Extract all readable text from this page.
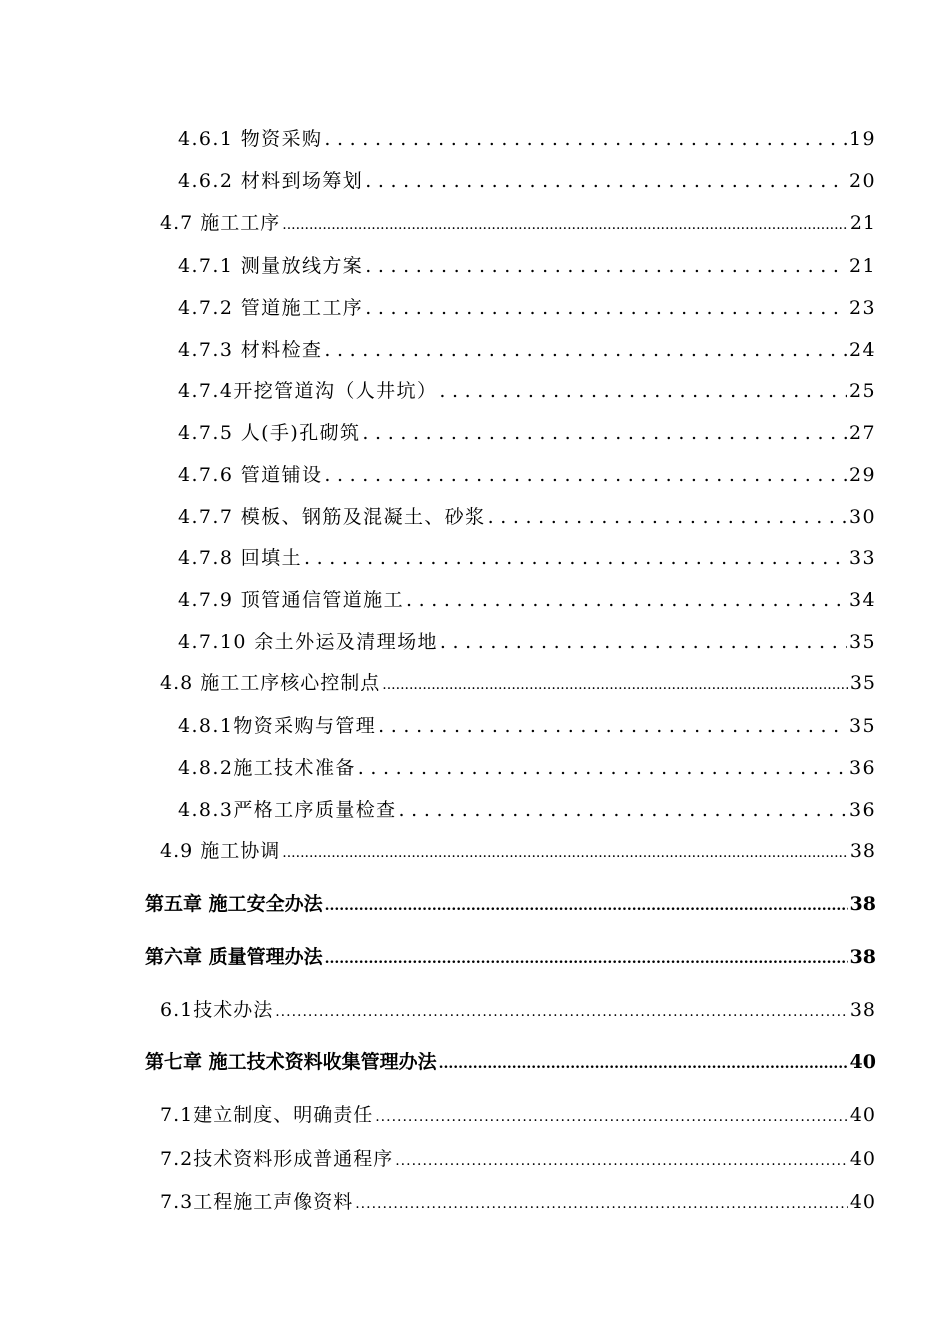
4.6.1 物资采购 .....	19
4.6.2 材料到场筹划 .....	20
4.7 施工工序 .....	21
4.7.1 测量放线方案 .....	21
4.7.2 管道施工工序 .....	23
4.7.3 材料检查 .....	24
4.7.4开挖管道沟（人井坑） .....	25
4.7.5 人(手)孔砌筑 .....	27
4.7.6 管道铺设 .....	29
4.7.7 模板、钢筋及混凝土、砂浆 .....	30
4.7.8 回填土 .....	33
4.7.9 顶管通信管道施工 .....	34
4.7.10 余土外运及清理场地 .....	35
4.8 施工工序核心控制点 .....	35
4.8.1物资采购与管理 .....	35
4.8.2施工技术准备 .....	36
4.8.3严格工序质量检查 .....	36
4.9 施工协调 .....	38
第五章 施工安全办法 .....	38
第六章 质量管理办法 .....	38
6.1技术办法 .....	38
第七章 施工技术资料收集管理办法 .....	40
7.1建立制度、明确责任 .....	40
7.2技术资料形成普通程序 .....	40
7.3工程施工声像资料 .....	40
